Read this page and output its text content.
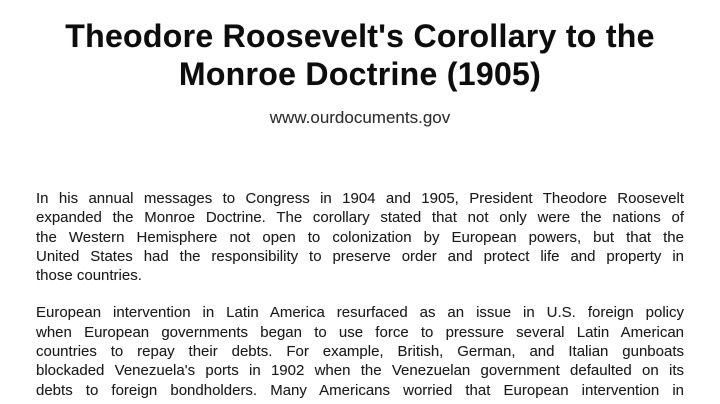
Theodore Roosevelt's Corollary to the
Monroe Doctrine (1905)
www.ourdocuments.gov
In his annual messages to Congress in 1904 and 1905, President Theodore Roosevelt
expanded the Monroe Doctrine. The corollary stated that not only were the nations of
the Western Hemisphere not open to colonization by European powers, but that the
United States had the responsibility to preserve order and protect life and property in
those countries.
European intervention in Latin America resurfaced as an issue in U.S. foreign policy
when European governments began to use force to pressure several Latin American
countries to repay their debts. For example, British, German, and Italian gunboats
blockaded Venezuela's ports in 1902 when the Venezuelan government defaulted on its
debts to foreign bondholders. Many Americans worried that European intervention in
